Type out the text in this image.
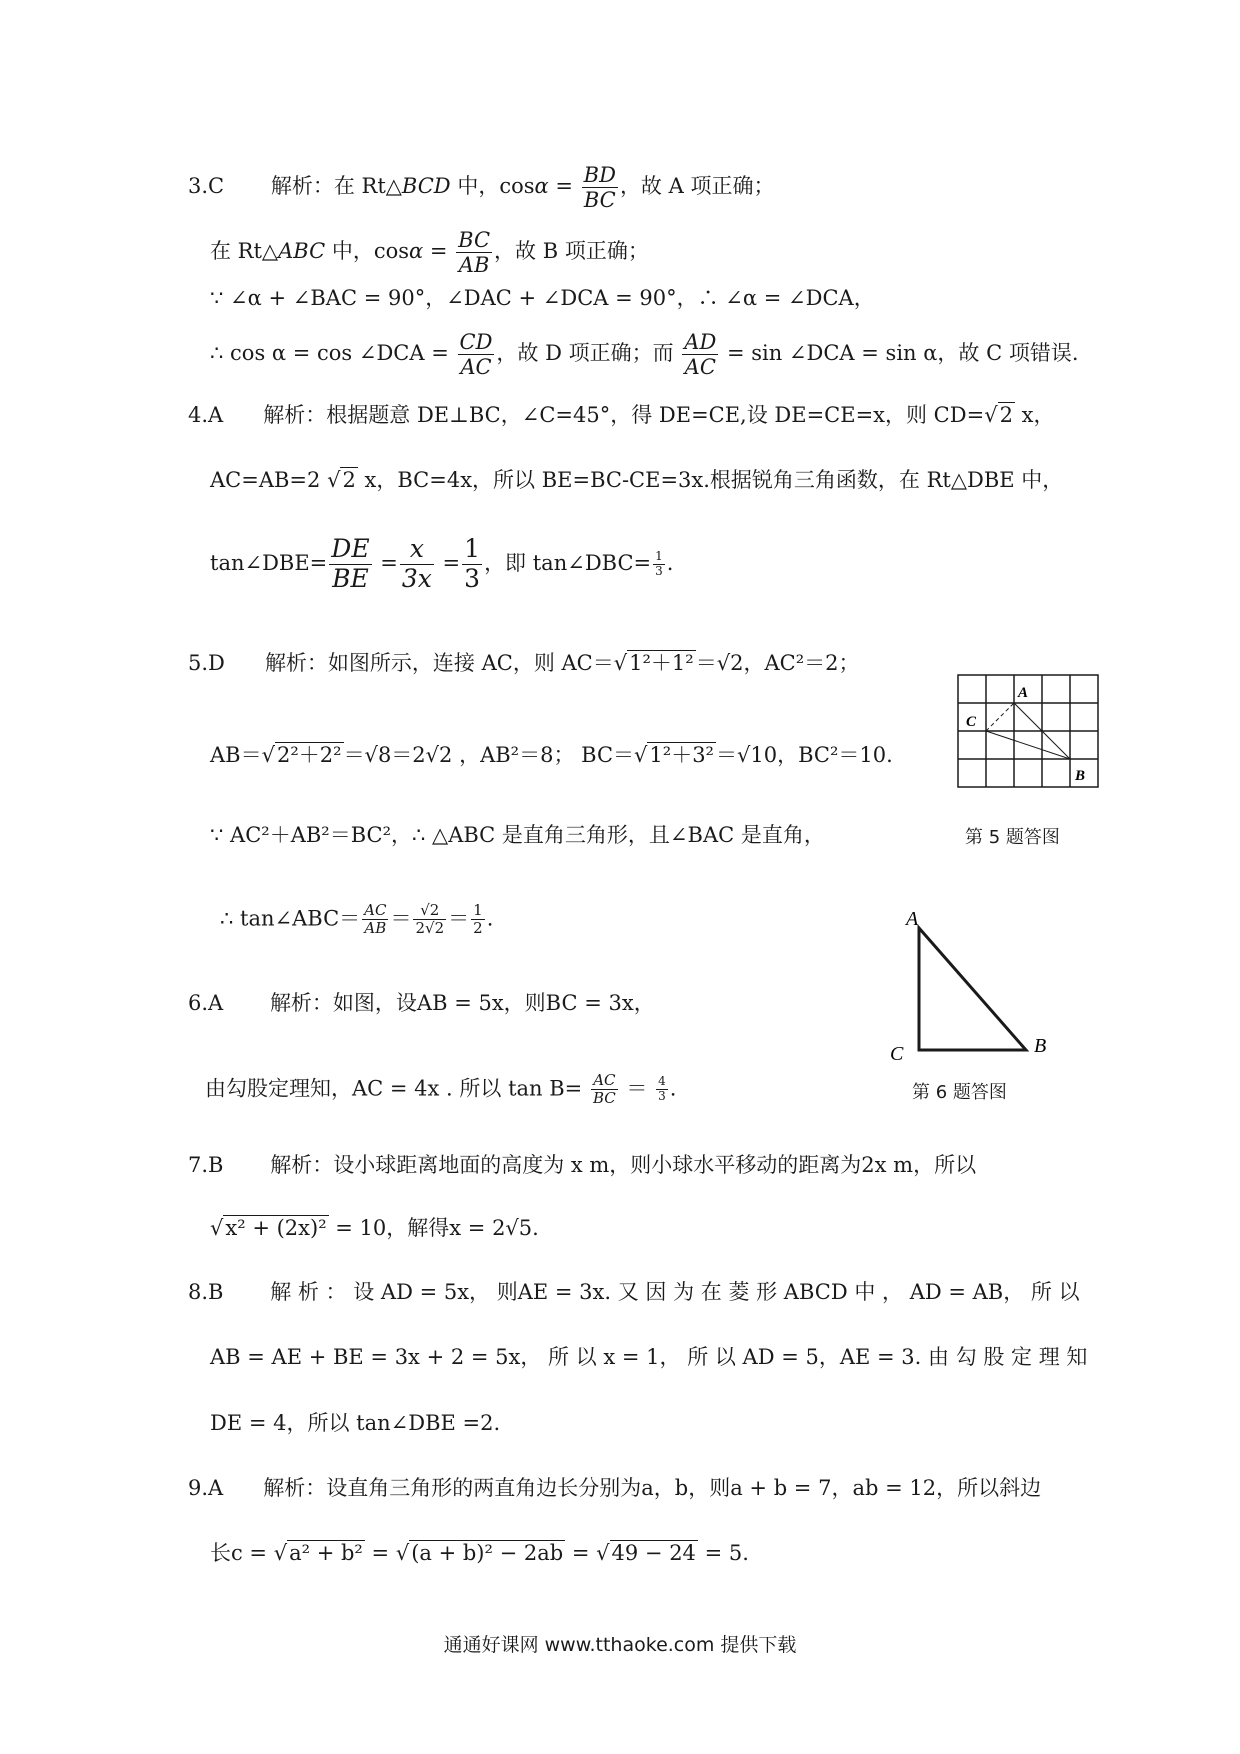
3.C 解析：在 Rt△BCD 中，$\cos\alpha = \frac{BD}{BC}$ ，故 A 项正确；
在 Rt△ABC 中，$\cos\alpha = \frac{BC}{AB}$ ，故 B 项正确；
∵ ∠α + ∠BAC = 90°，∠DAC + ∠DCA = 90°，∴ ∠α = ∠DCA，
∴ cos α = cos ∠DCA = $\frac{CD}{AC}$ ，故 D 项正确；而 $\frac{AD}{AC} = \sin$ ∠DCA = sin α，故 C 项错误.
4.A 解析：根据题意 DE⊥BC，∠C=45°，得 DE=CE,设 DE=CE=x，则 CD=√2 x，
AC=AB=2 √2 x，BC=4x，所以 BE=BC-CE=3x.根据锐角三角函数，在 Rt△DBE 中，
tan∠DBE= $\frac{DE}{BE} = \frac{x}{3x} = \frac{1}{3}$ ，即 tan∠DBC= $\frac{1}{3}$ .
5.D 解析：如图所示，连接 AC，则 AC＝√1²＋1²＝√2，AC²＝2；
AB＝√2²＋2²＝√8＝2√2 ，AB²＝8； BC＝√1²＋3²＝√10，BC²＝10.
∵ AC²＋AB²＝BC²，∴ △ABC 是直角三角形，且∠BAC 是直角，
∴ tan∠ABC＝ $\frac{AC}{AB} = \frac{√2}{2√2} = \frac{1}{2}$ .
A
C
B
第 5 题答图
6.A 解析：如图，设AB = 5x，则BC = 3x，
由勾股定理知，AC = 4x . 所以 $\tan B= \frac{AC}{BC} = \frac{4}{3}$ .
A
C	B
第 6 题答图
7.B 解析：设小球距离地面的高度为 x m，则小球水平移动的距离为2x m，所以
√x² + (2x)² = 10，解得x = 2√5.
8.B 解 析 ： 设 AD = 5x， 则AE = 3x. 又 因 为 在 菱 形 ABCD 中 ， AD = AB， 所 以
AB = AE + BE = 3x + 2 = 5x， 所 以 x = 1， 所 以 AD = 5，AE = 3. 由 勾 股 定 理 知
DE = 4，所以 tan∠DBE =2.
9.A 解析：设直角三角形的两直角边长分别为a，b，则a + b = 7，ab = 12，所以斜边
长c = √a² + b² = √(a + b)² − 2ab = √49 − 24 = 5.
通通好课网 www.tthaoke.com 提供下载
